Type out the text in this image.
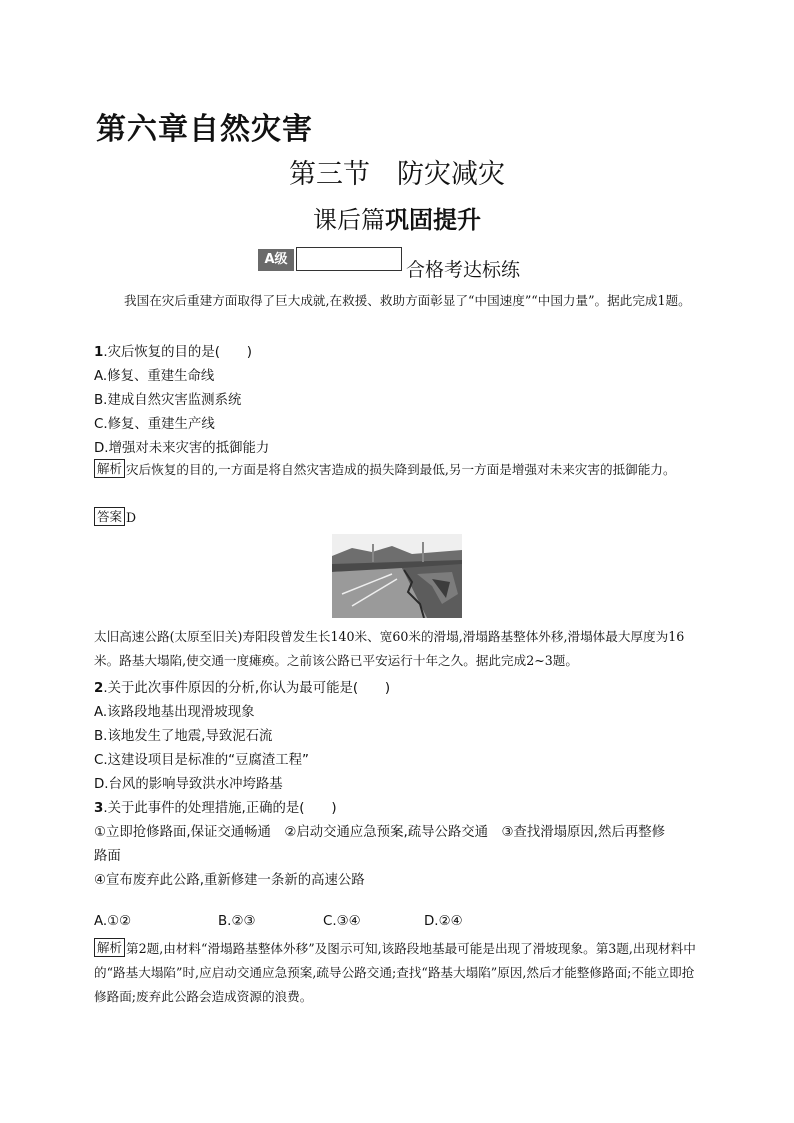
第六章自然灾害
第三节　防灾减灾
课后篇巩固提升
A级	合格考达标练
我国在灾后重建方面取得了巨大成就,在救援、救助方面彰显了“中国速度”“中国力量”。据此完成1题。
1.灾后恢复的目的是(　　)
A.修复、重建生命线
B.建成自然灾害监测系统
C.修复、重建生产线
D.增强对未来灾害的抵御能力
解析 灾后恢复的目的,一方面是将自然灾害造成的损失降到最低,另一方面是增强对未来灾害的抵御能力。
答案 D
太旧高速公路(太原至旧关)寿阳段曾发生长140米、宽60米的滑塌,滑塌路基整体外移,滑塌体最大厚度为16米。路基大塌陷,使交通一度瘫痪。之前该公路已平安运行十年之久。据此完成2~3题。
2.关于此次事件原因的分析,你认为最可能是(　　)
A.该路段地基出现滑坡现象
B.该地发生了地震,导致泥石流
C.这建设项目是标准的“豆腐渣工程”
D.台风的影响导致洪水冲垮路基
3.关于此事件的处理措施,正确的是(　　)
①立即抢修路面,保证交通畅通　②启动交通应急预案,疏导公路交通　③查找滑塌原因,然后再整修
路面
④宣布废弃此公路,重新修建一条新的高速公路
A.①②	B.②③	C.③④	D.②④
解析 第2题,由材料“滑塌路基整体外移”及图示可知,该路段地基最可能是出现了滑坡现象。第3题,出现材料中的“路基大塌陷”时,应启动交通应急预案,疏导公路交通;查找“路基大塌陷”原因,然后才能整修路面;不能立即抢修路面;废弃此公路会造成资源的浪费。
